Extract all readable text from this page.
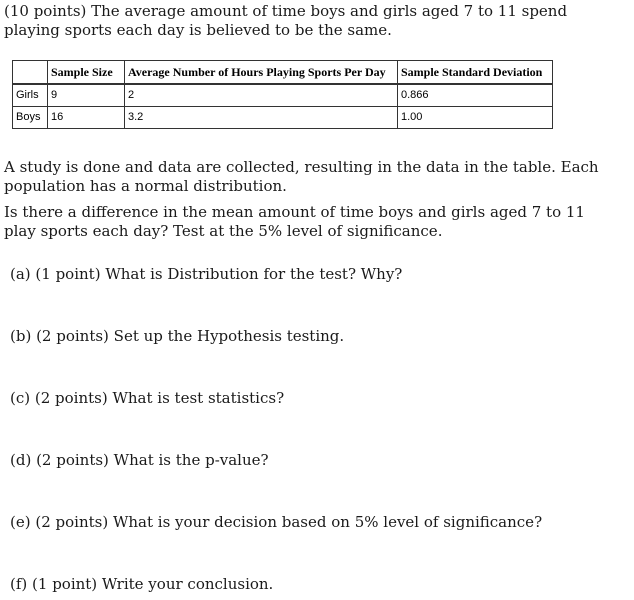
(10 points) The average amount of time boys and girls aged 7 to 11 spend playing sports each day is believed to be the same.

	Sample Size	Average Number of Hours Playing Sports Per Day	Sample Standard Deviation
Girls	9	2	0.866
Boys	16	3.2	1.00

A study is done and data are collected, resulting in the data in the table. Each population has a normal distribution.

Is there a difference in the mean amount of time boys and girls aged 7 to 11 play sports each day? Test at the 5% level of significance.

(a) (1 point) What is Distribution for the test? Why?

(b) (2 points) Set up the Hypothesis testing.

(c) (2 points) What is test statistics?

(d) (2 points) What is the p-value?

(e) (2 points) What is your decision based on 5% level of significance?

(f) (1 point) Write your conclusion.
